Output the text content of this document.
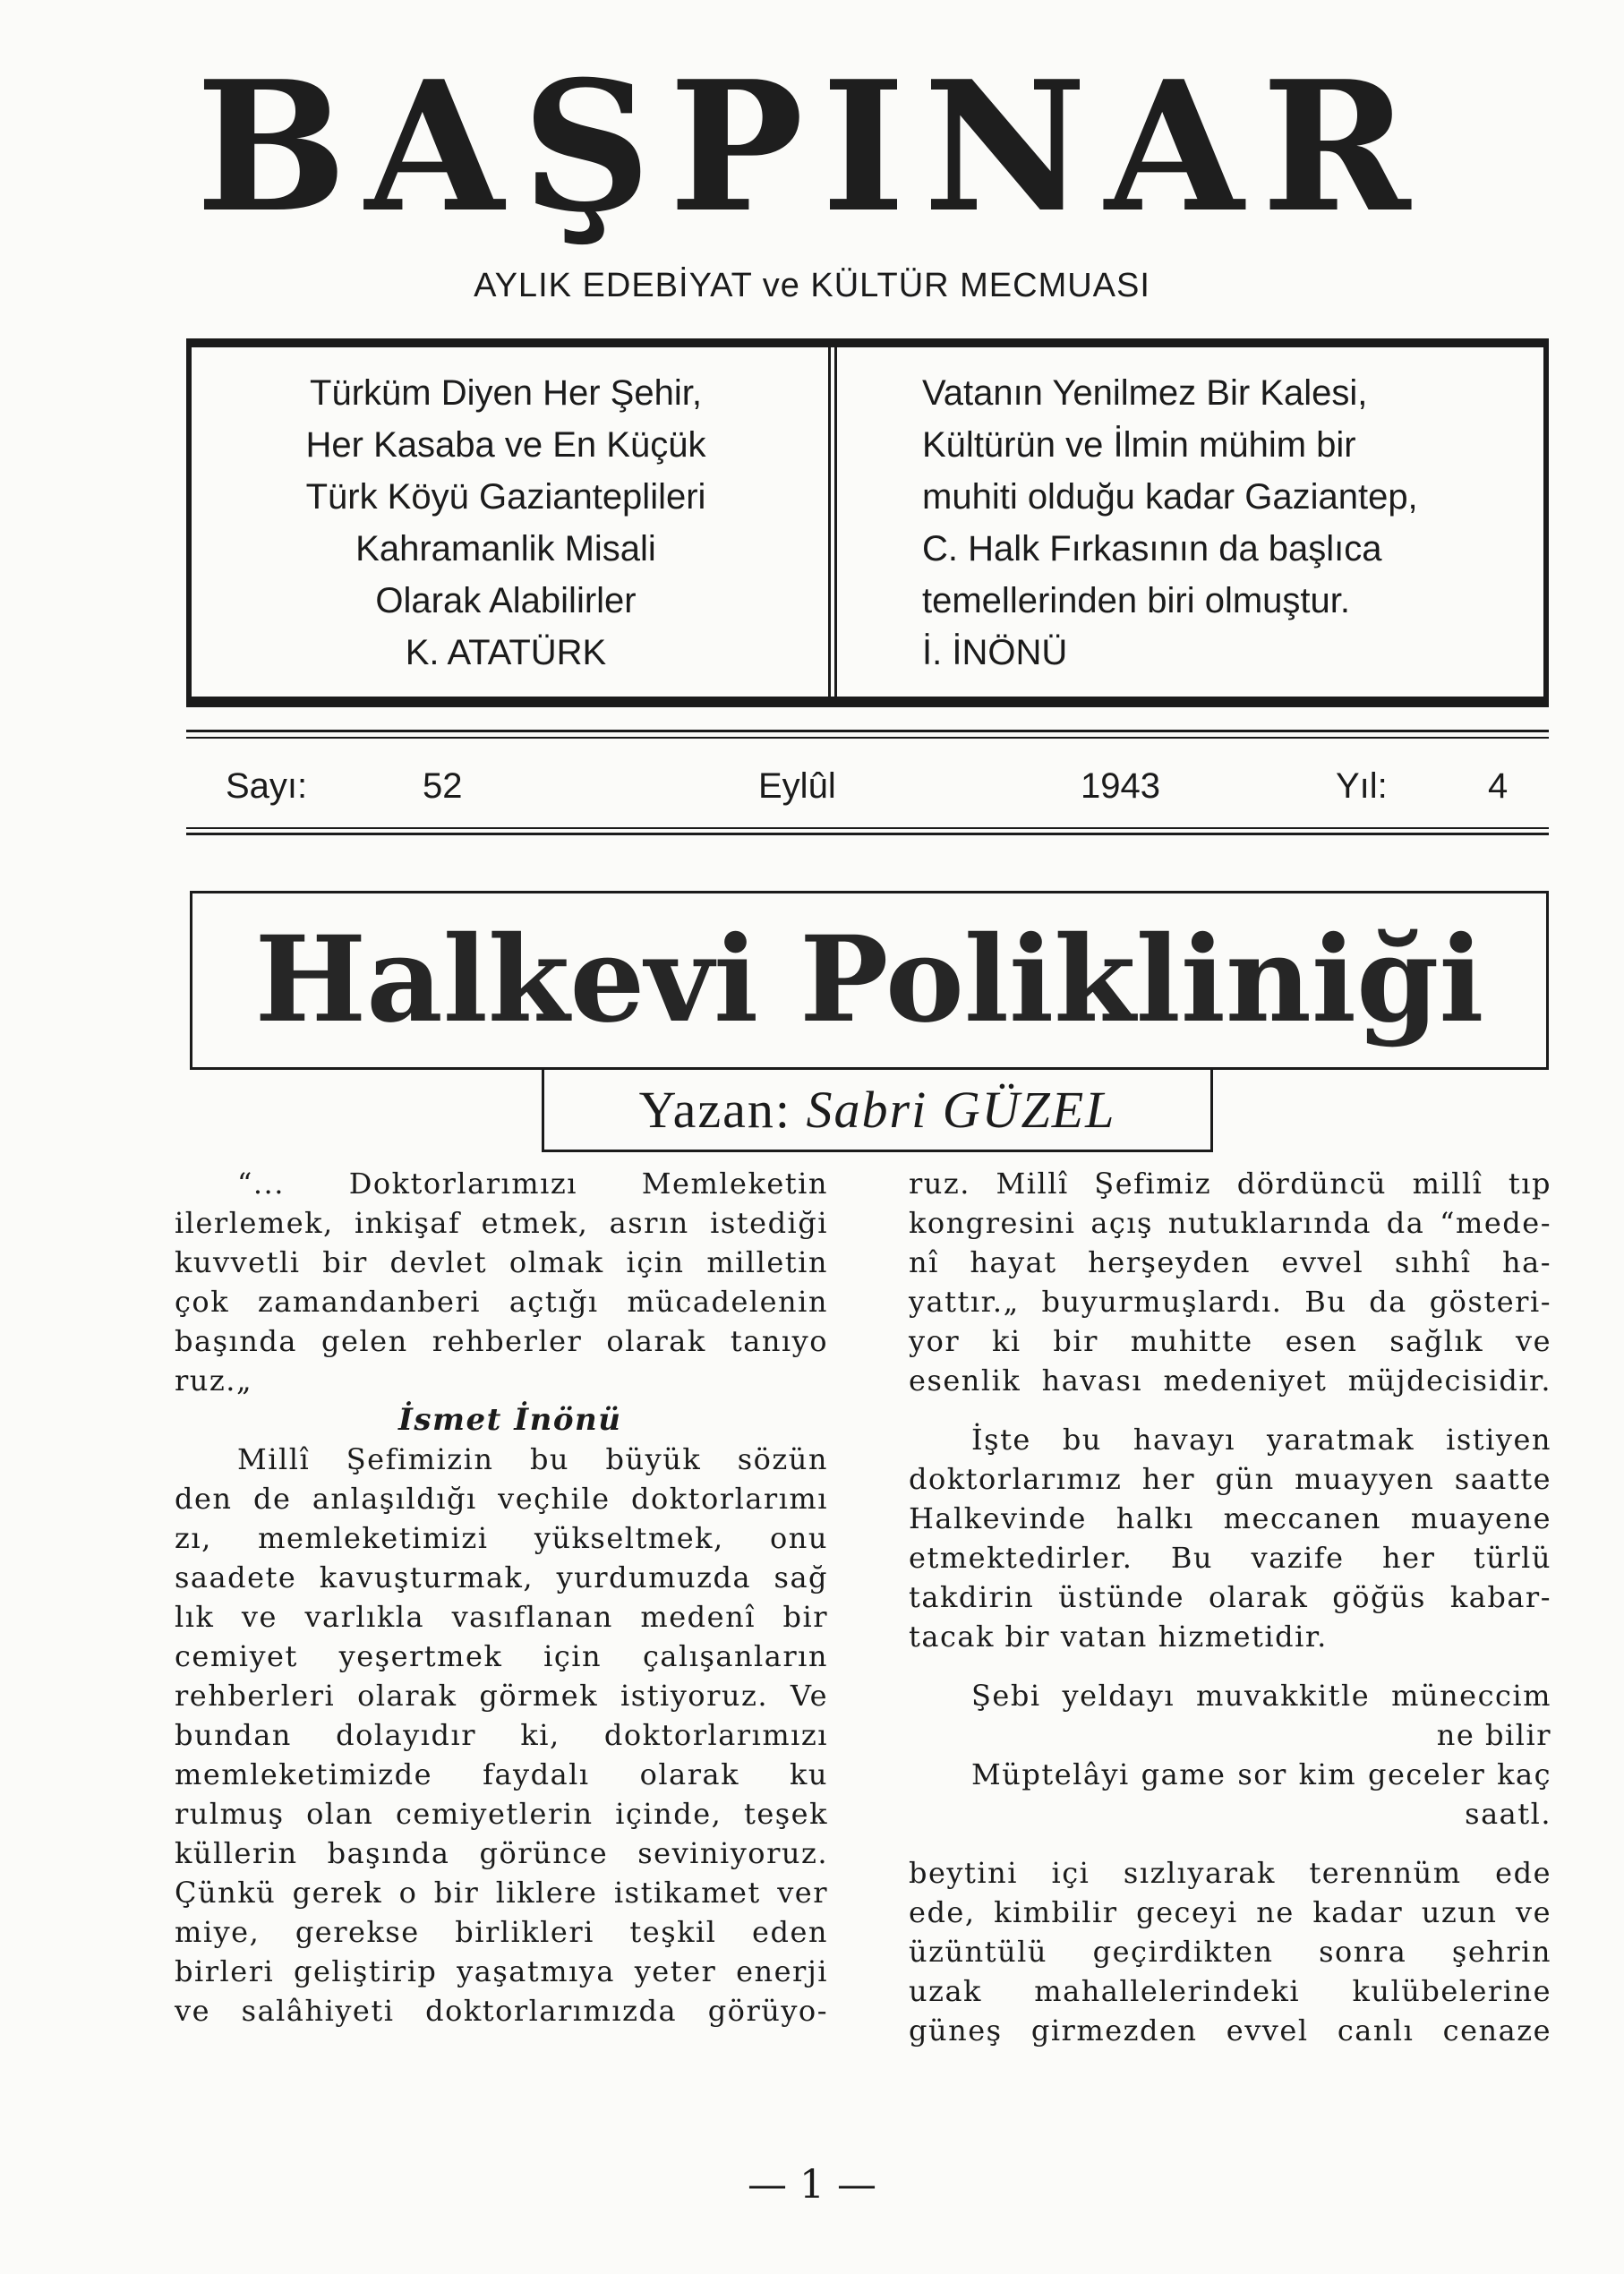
BAŞPINAR
AYLIK EDEBİYAT ve KÜLTÜR MECMUASI
Türküm Diyen Her Şehir,
Her Kasaba ve En Küçük
Türk Köyü Gazianteplileri
Kahramanlik Misali
Olarak Alabilirler
K. ATATÜRK
Vatanın Yenilmez Bir Kalesi,
Kültürün ve İlmin mühim bir
muhiti olduğu kadar Gaziantep,
C. Halk Fırkasının da başlıca
temellerinden biri olmuştur.
İ. İNÖNÜ
Sayı:	52	Eylûl	1943	Yıl:	4
Halkevi Polikliniği
Yazan: Sabri GÜZEL

“... Doktorlarımızı Memleketin

ilerlemek, inkişaf etmek, asrın istediği

kuvvetli bir devlet olmak için milletin

çok zamandanberi açtığı mücadelenin

başında gelen rehberler olarak tanıyo

ruz.„

İsmet İnönü

Millî Şefimizin bu büyük sözün

den de anlaşıldığı veçhile doktorlarımı

zı, memleketimizi yükseltmek, onu

saadete kavuşturmak, yurdumuzda sağ

lık ve varlıkla vasıflanan medenî bir

cemiyet yeşertmek için çalışanların

rehberleri olarak görmek istiyoruz. Ve

bundan dolayıdır ki, doktorlarımızı

memleketimizde faydalı olarak ku

rulmuş olan cemiyetlerin içinde, teşek

küllerin başında görünce seviniyoruz.

Çünkü gerek o bir liklere istikamet ver

miye, gerekse birlikleri teşkil eden

birleri geliştirip yaşatmıya yeter enerji

ve salâhiyeti doktorlarımızda görüyo-

ruz. Millî Şefimiz dördüncü millî tıp

kongresini açış nutuklarında da “mede-

nî hayat herşeyden evvel sıhhî ha-

yattır.„ buyurmuşlardı. Bu da gösteri-

yor ki bir muhitte esen sağlık ve

esenlik havası medeniyet müjdecisidir.

İşte bu havayı yaratmak istiyen

doktorlarımız her gün muayyen saatte

Halkevinde halkı meccanen muayene

etmektedirler. Bu vazife her türlü

takdirin üstünde olarak göğüs kabar-

tacak bir vatan hizmetidir.

Şebi yeldayı muvakkitle müneccim

ne bilir

Müptelâyi game sor kim geceler kaç

saatl.

beytini içi sızlıyarak terennüm ede

ede, kimbilir geceyi ne kadar uzun ve

üzüntülü geçirdikten sonra şehrin

uzak mahallelerindeki kulübelerine

güneş girmezden evvel canlı cenaze

— 1 —
